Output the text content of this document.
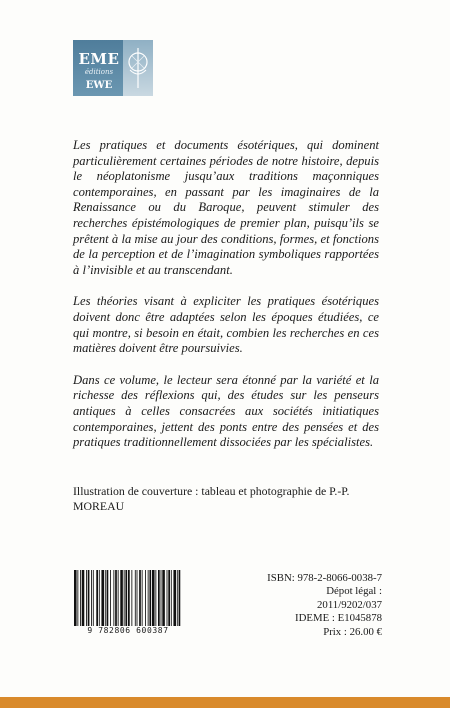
EME
éditions
EWE

Les pratiques et documents ésotériques, qui dominent particulièrement certaines périodes de notre histoire, depuis le néoplatonisme jusqu’aux traditions maçonniques contemporaines, en passant par les imaginaires de la Renaissance ou du Baroque, peuvent stimuler des recherches épistémologiques de premier plan, puisqu’ils se prêtent à la mise au jour des conditions, formes, et fonctions de la perception et de l’imagination symboliques rapportées à l’invisible et au transcendant.

Les théories visant à expliciter les pratiques ésotériques doivent donc être adaptées selon les époques étudiées, ce qui montre, si besoin en était, combien les recherches en ces matières doivent être poursuivies.

Dans ce volume, le lecteur sera étonné par la variété et la richesse des réflexions qui, des études sur les penseurs antiques à celles consacrées aux sociétés initiatiques contemporaines, jettent des ponts entre des pensées et des pratiques traditionnellement dissociées par les spécialistes.

Illustration de couverture : tableau et photographie de P.-P. MOREAU
9 782806 600387
ISBN: 978-2-8066-0038-7
Dépot légal : 2011/9202/037
IDEME : E1045878
Prix : 26.00 €
